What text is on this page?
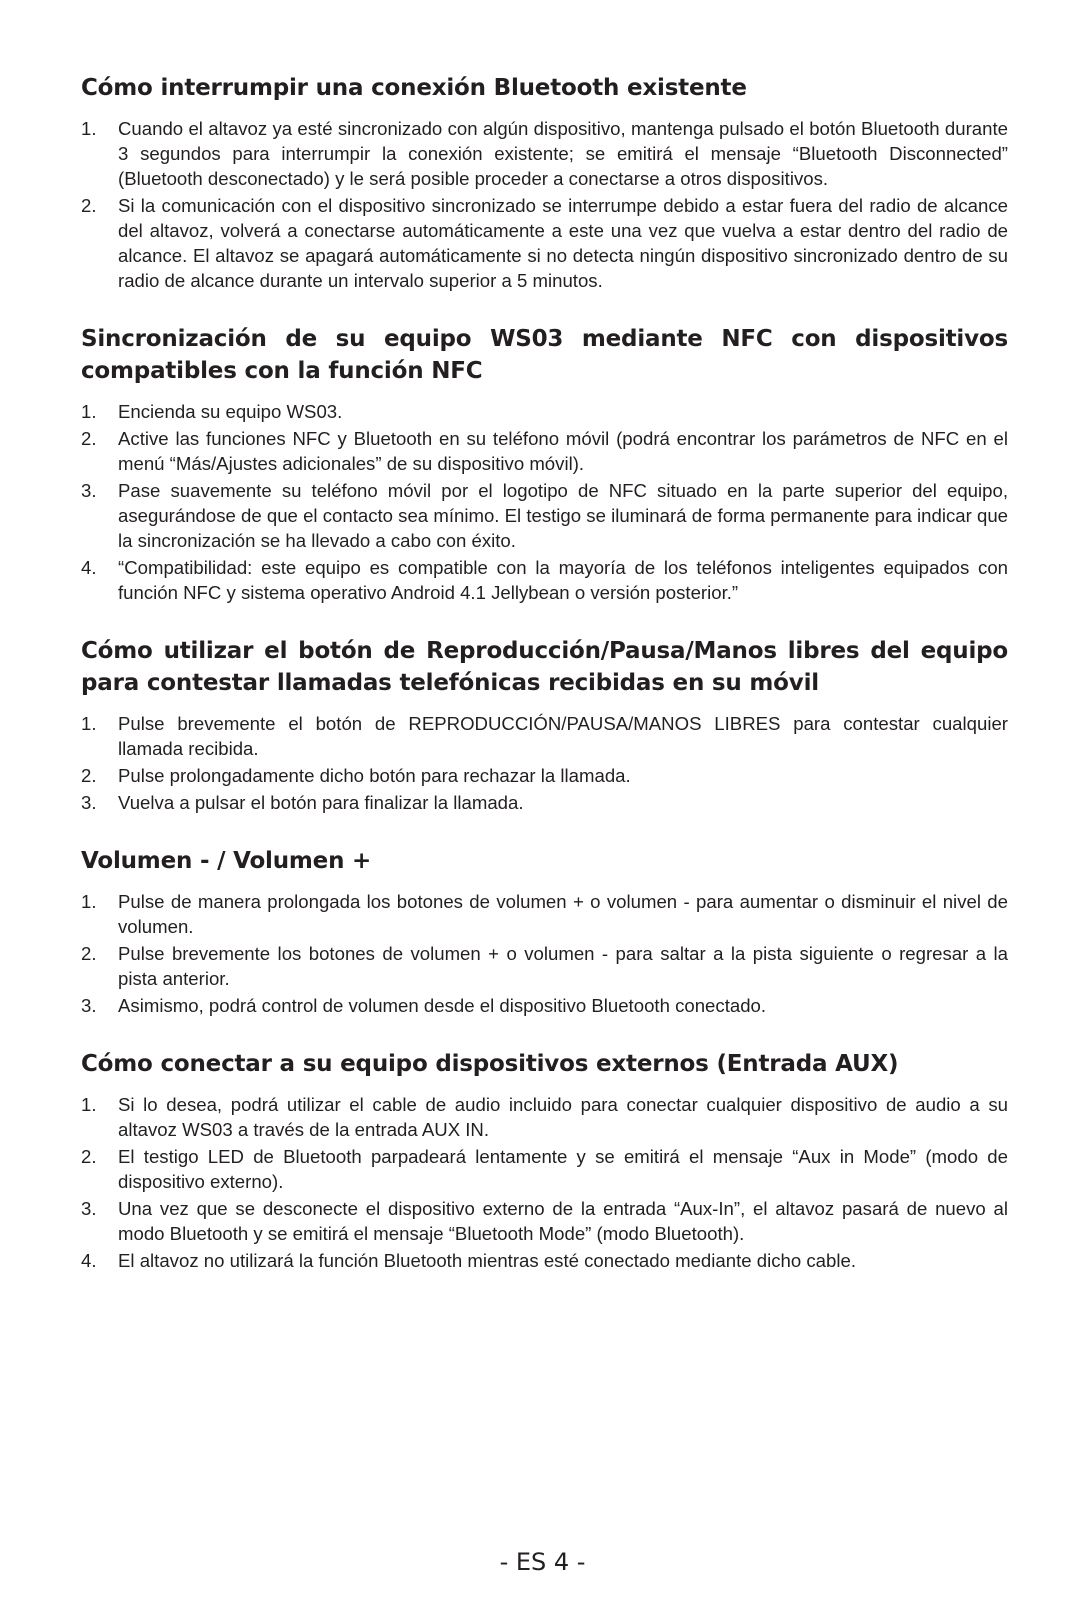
Cómo interrumpir una conexión Bluetooth existente
1.	Cuando el altavoz ya esté sincronizado con algún dispositivo, mantenga pulsado el botón Bluetooth durante 3 segundos para interrumpir la conexión existente; se emitirá el mensaje “Bluetooth Disconnected” (Bluetooth desconectado) y le será posible proceder a conectarse a otros dispositivos.
2.	Si la comunicación con el dispositivo sincronizado se interrumpe debido a estar fuera del radio de alcance del altavoz, volverá a conectarse automáticamente a este una vez que vuelva a estar dentro del radio de alcance. El altavoz se apagará automáticamente si no detecta ningún dispositivo sincronizado dentro de su radio de alcance durante un intervalo superior a 5 minutos.
Sincronización de su equipo WS03 mediante NFC con dispositivos compatibles con la función NFC
1.	Encienda su equipo WS03.
2.	Active las funciones NFC y Bluetooth en su teléfono móvil (podrá encontrar los parámetros de NFC en el menú “Más/Ajustes adicionales” de su dispositivo móvil).
3.	Pase suavemente su teléfono móvil por el logotipo de NFC situado en la parte superior del equipo, asegurándose de que el contacto sea mínimo. El testigo se iluminará de forma permanente para indicar que la sincronización se ha llevado a cabo con éxito.
4.	“Compatibilidad: este equipo es compatible con la mayoría de los teléfonos inteligentes equipados con función NFC y sistema operativo Android 4.1 Jellybean o versión posterior.”
Cómo utilizar el botón de Reproducción/Pausa/Manos libres del equipo para contestar llamadas telefónicas recibidas en su móvil
1.	Pulse brevemente el botón de REPRODUCCIÓN/PAUSA/MANOS LIBRES para contestar cualquier llamada recibida.
2.	Pulse prolongadamente dicho botón para rechazar la llamada.
3.	Vuelva a pulsar el botón para finalizar la llamada.
Volumen - / Volumen +
1.	Pulse de manera prolongada los botones de volumen + o volumen - para aumentar o disminuir el nivel de volumen.
2.	Pulse brevemente los botones de volumen + o volumen - para saltar a la pista siguiente o regresar a la pista anterior.
3.	Asimismo, podrá control de volumen desde el dispositivo Bluetooth conectado.
Cómo conectar a su equipo dispositivos externos (Entrada AUX)
1.	Si lo desea, podrá utilizar el cable de audio incluido para conectar cualquier dispositivo de audio a su altavoz WS03 a través de la entrada AUX IN.
2.	El testigo LED de Bluetooth parpadeará lentamente y se emitirá el mensaje “Aux in Mode” (modo de dispositivo externo).
3.	Una vez que se desconecte el dispositivo externo de la entrada “Aux-In”, el altavoz pasará de nuevo al modo Bluetooth y se emitirá el mensaje “Bluetooth Mode” (modo Bluetooth).
4.	El altavoz no utilizará la función Bluetooth mientras esté conectado mediante dicho cable.
- ES 4 -
